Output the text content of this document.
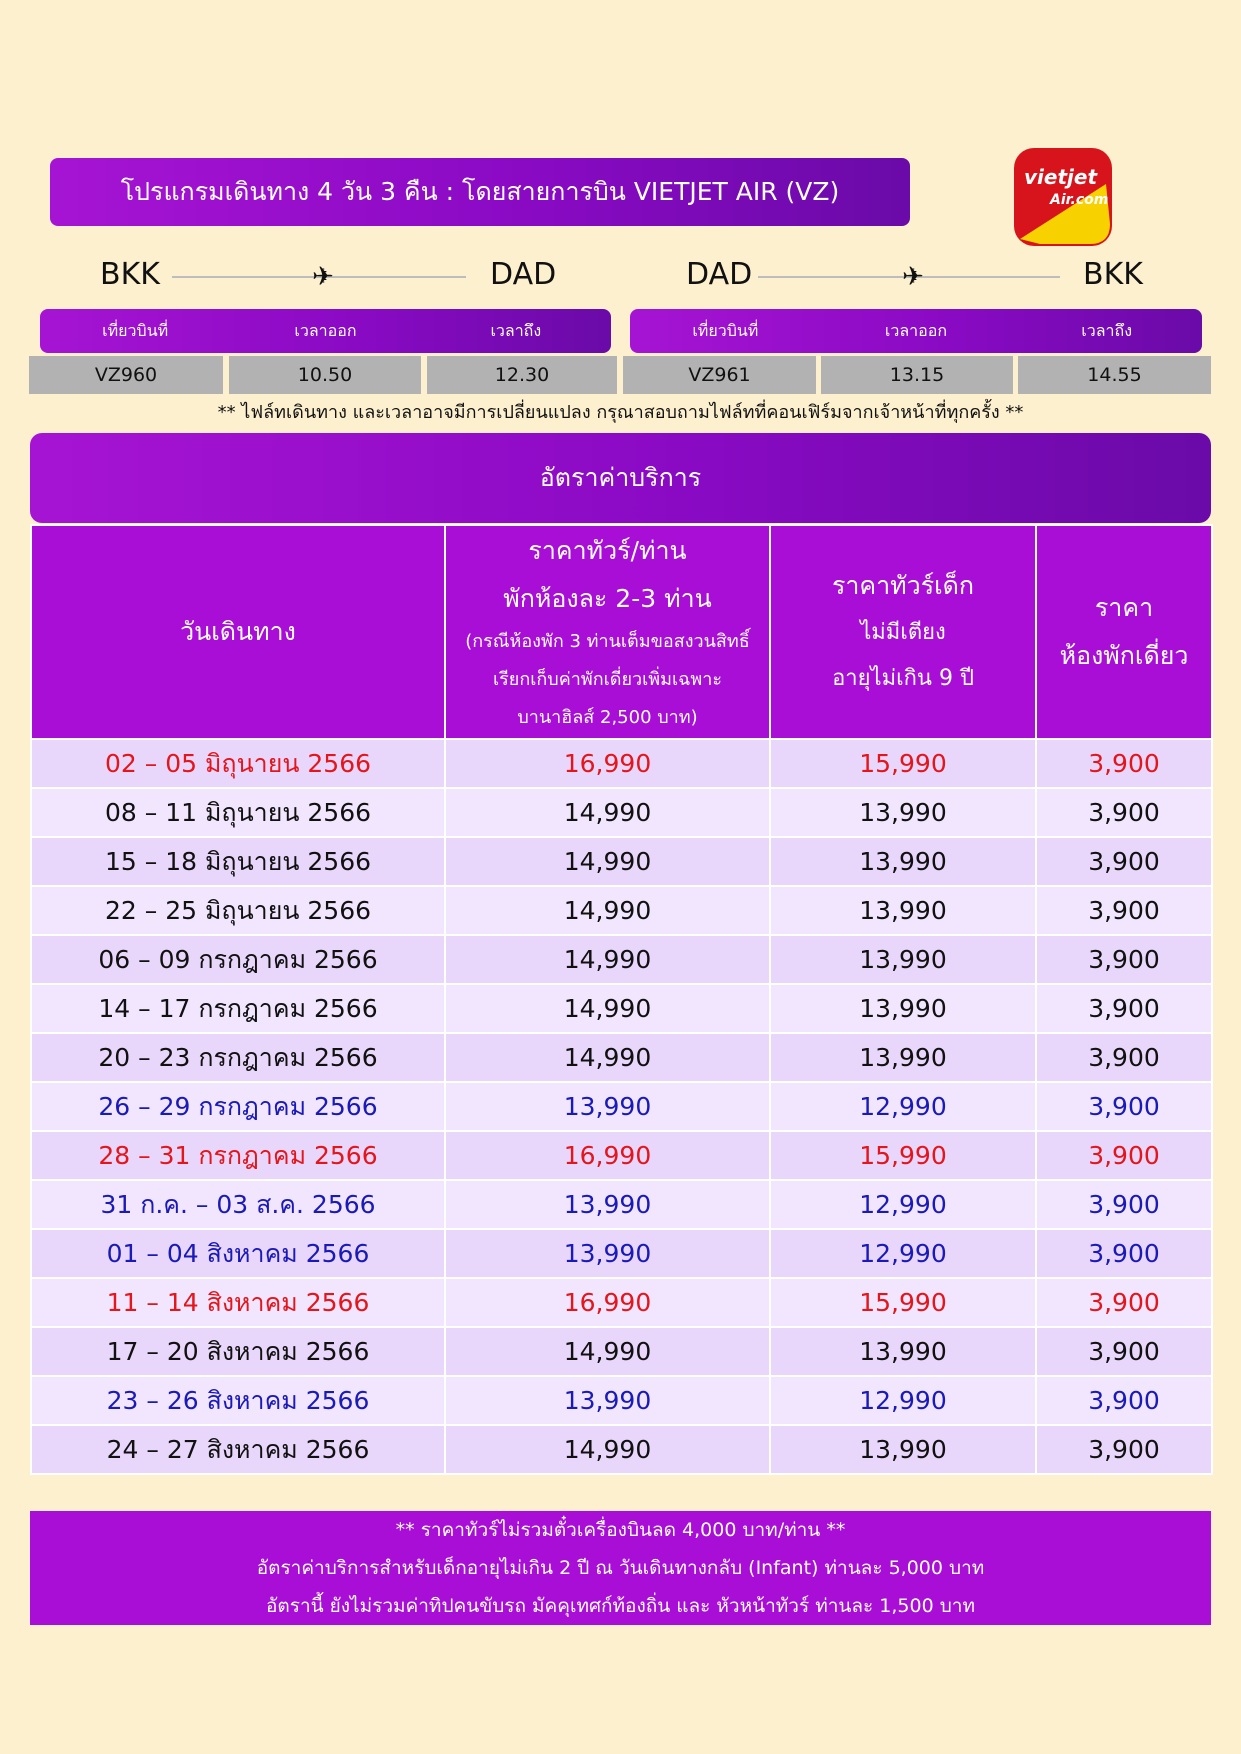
โปรแกรมเดินทาง 4 วัน 3 คืน : โดยสายการบิน VIETJET AIR (VZ)	vietjet
Air.com
BKK	✈	DAD	DAD	✈	BKK
เที่ยวบินที่	เวลาออก	เวลาถึง	เที่ยวบินที่	เวลาออก	เวลาถึง
VZ960	10.50	12.30	VZ961	13.15	14.55
** ไฟล์ทเดินทาง และเวลาอาจมีการเปลี่ยนแปลง กรุณาสอบถามไฟล์ทที่คอนเฟิร์มจากเจ้าหน้าที่ทุกครั้ง **
อัตราค่าบริการ
วันเดินทาง	ราคาทัวร์/ท่าน
พักห้องละ 2-3 ท่าน
(กรณีห้องพัก 3 ท่านเต็มขอสงวนสิทธิ์
เรียกเก็บค่าพักเดี่ยวเพิ่มเฉพาะ
บานาฮิลส์ 2,500 บาท)	ราคาทัวร์เด็ก
ไม่มีเตียง
อายุไม่เกิน 9 ปี	ราคา
ห้องพักเดี่ยว

02 – 05 มิถุนายน 2566	16,990	15,990	3,900
08 – 11 มิถุนายน 2566	14,990	13,990	3,900
15 – 18 มิถุนายน 2566	14,990	13,990	3,900
22 – 25 มิถุนายน 2566	14,990	13,990	3,900
06 – 09 กรกฎาคม 2566	14,990	13,990	3,900
14 – 17 กรกฎาคม 2566	14,990	13,990	3,900
20 – 23 กรกฎาคม 2566	14,990	13,990	3,900
26 – 29 กรกฎาคม 2566	13,990	12,990	3,900
28 – 31 กรกฎาคม 2566	16,990	15,990	3,900
31 ก.ค. – 03 ส.ค. 2566	13,990	12,990	3,900
01 – 04 สิงหาคม 2566	13,990	12,990	3,900
11 – 14 สิงหาคม 2566	16,990	15,990	3,900
17 – 20 สิงหาคม 2566	14,990	13,990	3,900
23 – 26 สิงหาคม 2566	13,990	12,990	3,900
24 – 27 สิงหาคม 2566	14,990	13,990	3,900
** ราคาทัวร์ไม่รวมตั๋วเครื่องบินลด 4,000 บาท/ท่าน **
อัตราค่าบริการสำหรับเด็กอายุไม่เกิน 2 ปี ณ วันเดินทางกลับ (Infant) ท่านละ 5,000 บาท
อัตรานี้ ยังไม่รวมค่าทิปคนขับรถ มัคคุเทศก์ท้องถิ่น และ หัวหน้าทัวร์ ท่านละ 1,500 บาท
